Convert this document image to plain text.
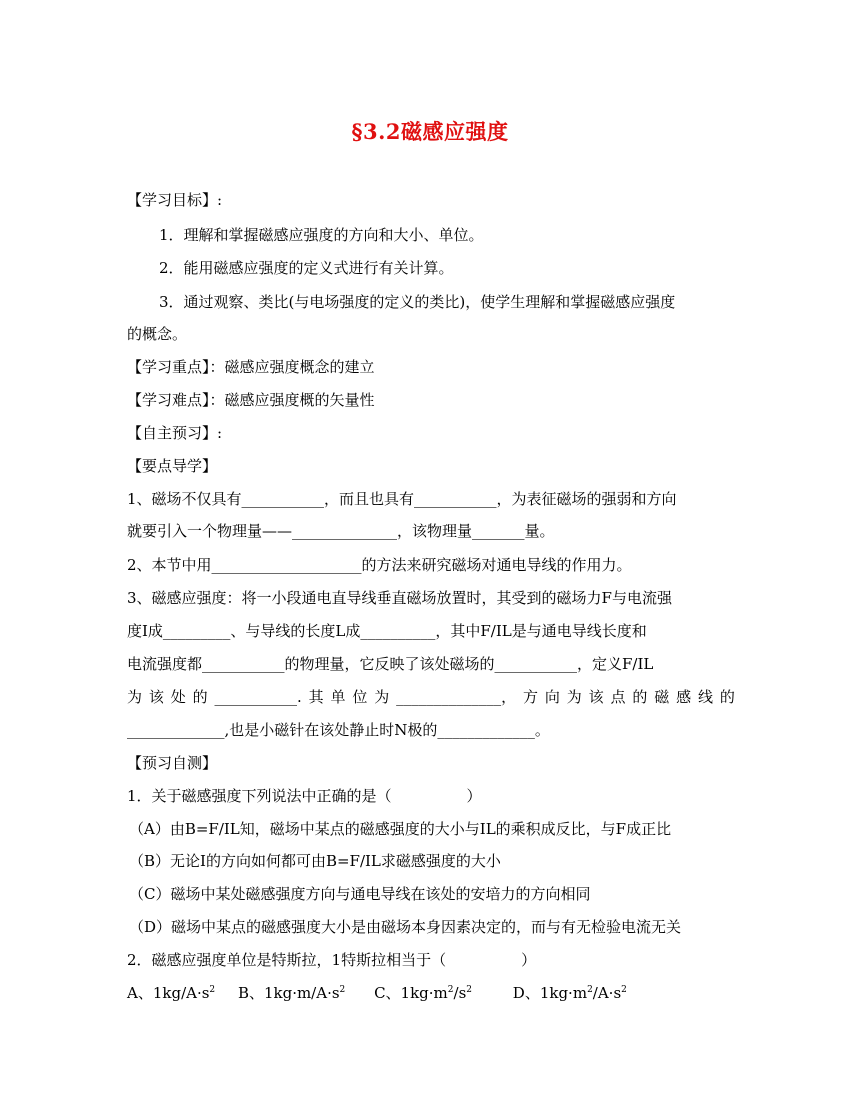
§3.2磁感应强度
【学习目标】:
1．理解和掌握磁感应强度的方向和大小、单位。
2．能用磁感应强度的定义式进行有关计算。
3．通过观察、类比(与电场强度的定义的类比)，使学生理解和掌握磁感应强度
的概念。
【学习重点】：磁感应强度概念的建立
【学习难点】：磁感应强度概的矢量性
【自主预习】:
【要点导学】
1、磁场不仅具有___________，而且也具有___________，为表征磁场的强弱和方向
就要引入一个物理量——______________，该物理量_______量。
2、本节中用____________________的方法来研究磁场对通电导线的作用力。
3、磁感应强度：将一小段通电直导线垂直磁场放置时，其受到的磁场力F与电流强
度I成_________、与导线的长度L成__________，其中F/IL是与通电导线长度和
电流强度都___________的物理量，它反映了该处磁场的___________，定义F/IL
为 该 处 的 ___________. 其 单 位 为 ______________， 方 向 为 该 点 的 磁 感 线 的
_____________,也是小磁针在该处静止时N极的_____________。
【预习自测】
1．关于磁感强度下列说法中正确的是（　　　　　）
（A）由B=F/IL知，磁场中某点的磁感强度的大小与IL的乘积成反比，与F成正比
（B）无论I的方向如何都可由B=F/IL求磁感强度的大小
（C）磁场中某处磁感强度方向与通电导线在该处的安培力的方向相同
（D）磁场中某点的磁感强度大小是由磁场本身因素决定的，而与有无检验电流无关
2．磁感应强度单位是特斯拉，1特斯拉相当于（　　　　　）
A、$1kg/A\cdot s^2$ B、$1kg\cdot m/A\cdot s^2$ C、$1kg\cdot m^2/s^2$	D、$1kg\cdot m^2/A\cdot s^2$
